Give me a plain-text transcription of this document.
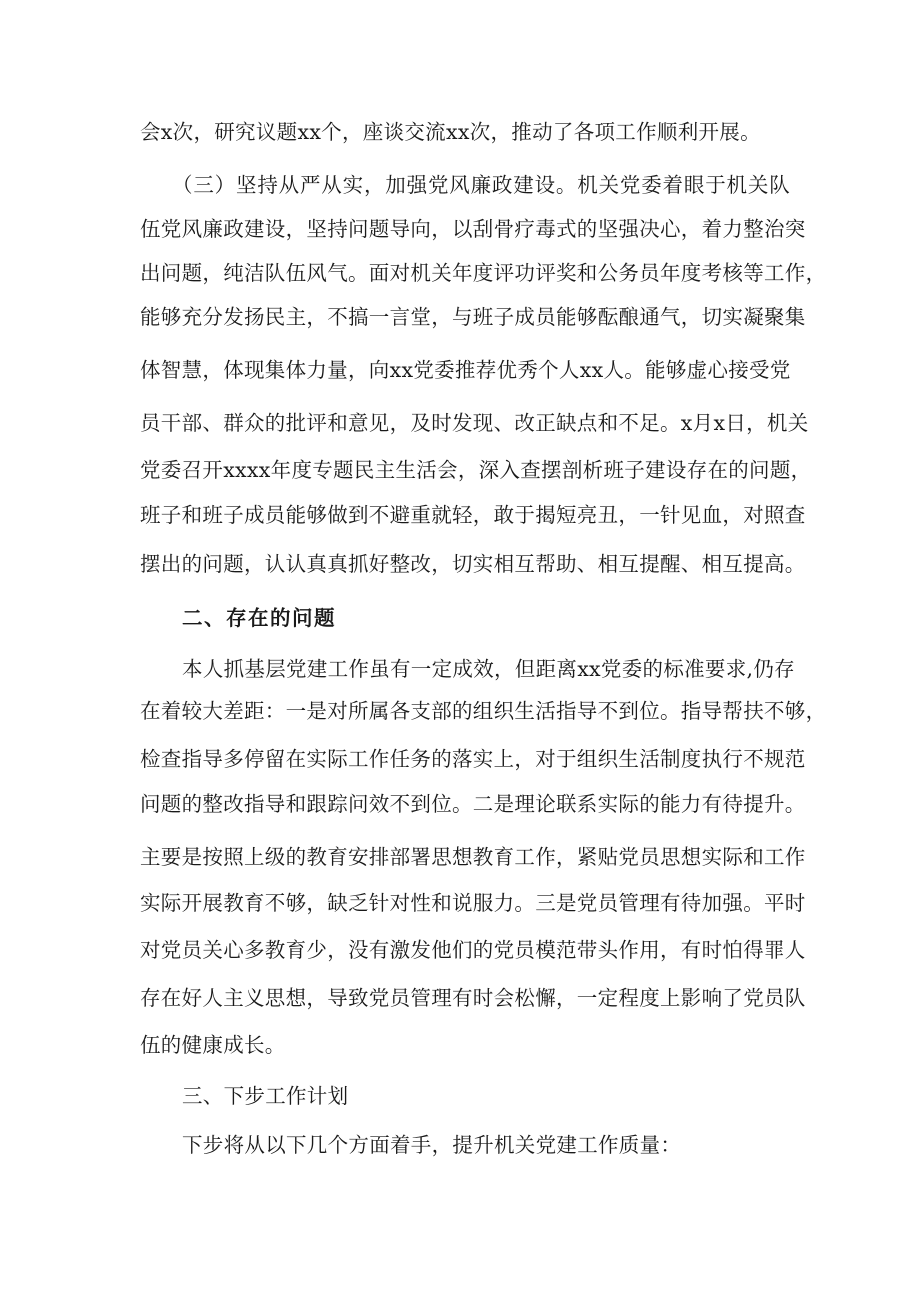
会x次，研究议题xx个，座谈交流xx次，推动了各项工作顺利开展。
（三）坚持从严从实，加强党风廉政建设。机关党委着眼于机关队
伍党风廉政建设，坚持问题导向，以刮骨疗毒式的坚强决心，着力整治突
出问题，纯洁队伍风气。面对机关年度评功评奖和公务员年度考核等工作，
能够充分发扬民主，不搞一言堂，与班子成员能够酝酿通气，切实凝聚集
体智慧，体现集体力量，向xx党委推荐优秀个人xx人。能够虚心接受党
员干部、群众的批评和意见，及时发现、改正缺点和不足。x月x日，机关
党委召开xxxx年度专题民主生活会，深入查摆剖析班子建设存在的问题，
班子和班子成员能够做到不避重就轻，敢于揭短亮丑，一针见血，对照查
摆出的问题，认认真真抓好整改，切实相互帮助、相互提醒、相互提高。
二、存在的问题
本人抓基层党建工作虽有一定成效，但距离xx党委的标准要求,仍存
在着较大差距：一是对所属各支部的组织生活指导不到位。指导帮扶不够，
检查指导多停留在实际工作任务的落实上，对于组织生活制度执行不规范
问题的整改指导和跟踪问效不到位。二是理论联系实际的能力有待提升。
主要是按照上级的教育安排部署思想教育工作，紧贴党员思想实际和工作
实际开展教育不够，缺乏针对性和说服力。三是党员管理有待加强。平时
对党员关心多教育少，没有激发他们的党员模范带头作用，有时怕得罪人
存在好人主义思想，导致党员管理有时会松懈，一定程度上影响了党员队
伍的健康成长。
三、下步工作计划
下步将从以下几个方面着手，提升机关党建工作质量：
